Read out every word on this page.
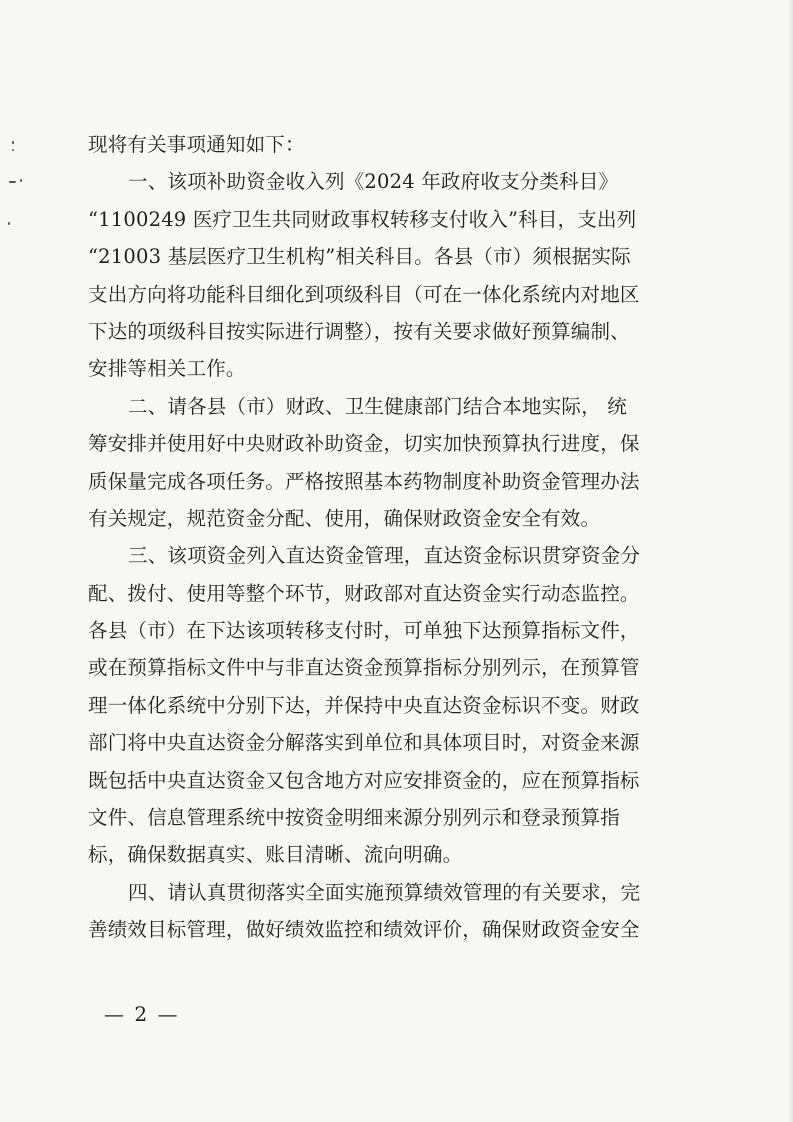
现将有关事项通知如下：
一、该项补助资金收入列《2024 年政府收支分类科目》
“1100249 医疗卫生共同财政事权转移支付收入”科目，支出列
“21003 基层医疗卫生机构”相关科目。各县（市）须根据实际
支出方向将功能科目细化到项级科目（可在一体化系统内对地区
下达的项级科目按实际进行调整），按有关要求做好预算编制、
安排等相关工作。
二、请各县（市）财政、卫生健康部门结合本地实际， 统
筹安排并使用好中央财政补助资金，切实加快预算执行进度，保
质保量完成各项任务。严格按照基本药物制度补助资金管理办法
有关规定，规范资金分配、使用，确保财政资金安全有效。
三、该项资金列入直达资金管理，直达资金标识贯穿资金分
配、拨付、使用等整个环节，财政部对直达资金实行动态监控。
各县（市）在下达该项转移支付时，可单独下达预算指标文件，
或在预算指标文件中与非直达资金预算指标分别列示，在预算管
理一体化系统中分别下达，并保持中央直达资金标识不变。财政
部门将中央直达资金分解落实到单位和具体项目时，对资金来源
既包括中央直达资金又包含地方对应安排资金的，应在预算指标
文件、信息管理系统中按资金明细来源分别列示和登录预算指
标，确保数据真实、账目清晰、流向明确。
四、请认真贯彻落实全面实施预算绩效管理的有关要求，完
善绩效目标管理，做好绩效监控和绩效评价，确保财政资金安全
— 2 —
